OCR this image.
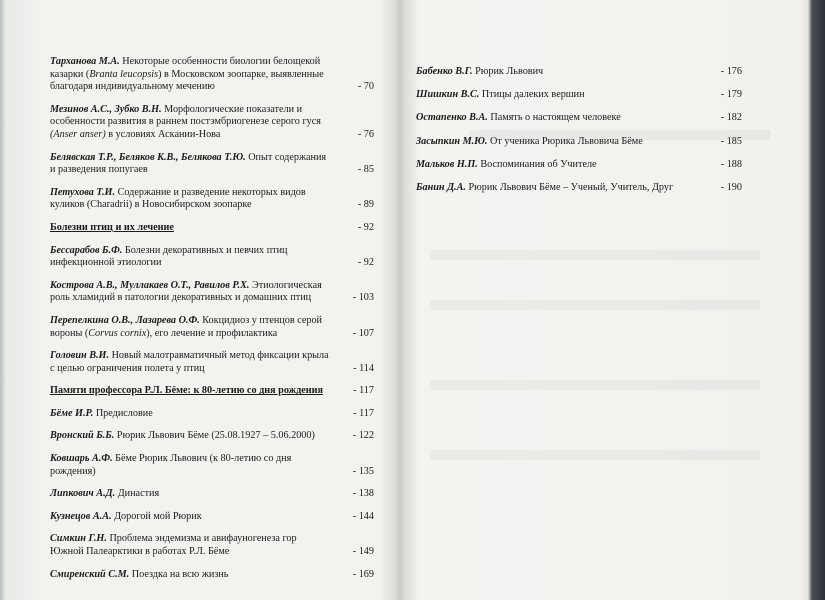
Тарханова М.А. Некоторые особенности биологии белощекой казарки (Branta leucopsis) в Московском зоопарке, выявленные благодаря индивидуальному мечению	- 70
Мезинов А.С., Зубко В.Н. Морфологические показатели и особенности развития в раннем постэмбриогенезе серого гуся (Anser anser) в условиях Аскании-Нова	- 76
Белявская Т.Р., Беляков К.В., Белякова Т.Ю. Опыт содержания и разведения попугаев	- 85
Петухова Т.И. Содержание и разведение некоторых видов куликов (Charadrii) в Новосибирском зоопарке	- 89
Болезни птиц и их лечение	- 92
Бессарабов Б.Ф. Болезни декоративных и певчих птиц инфекционной этиологии	- 92
Кострова А.В., Муллакаев О.Т., Равилов Р.Х. Этиологическая роль хламидий в патологии декоративных и домашних птиц	- 103
Перепелкина О.В., Лазарева О.Ф. Кокцидиоз у птенцов серой вороны (Corvus cornix), его лечение и профилактика	- 107
Головин В.И. Новый малотравматичный метод фиксации крыла с целью ограничения полета у птиц	- 114
Памяти профессора Р.Л. Бёме: к 80-летию со дня рождения	- 117
Бёме И.Р. Предисловие	- 117
Вронский Б.Б. Рюрик Львович Бёме (25.08.1927 – 5.06.2000)	- 122
Ковшарь А.Ф. Бёме Рюрик Львович (к 80-летию со дня рождения)	- 135
Липкович А.Д. Династия	- 138
Кузнецов А.А. Дорогой мой Рюрик	- 144
Симкин Г.Н. Проблема эндемизма и авифауногенеза гор Южной Палеарктики в работах Р.Л. Бёме	- 149
Смиренский С.М. Поездка на всю жизнь	- 169
Бабенко В.Г. Рюрик Львович	- 176
Шишкин В.С. Птицы далеких вершин	- 179
Остапенко В.А. Память о настоящем человеке	- 182
Засыпкин М.Ю. От ученика Рюрика Львовича Бёме	- 185
Мальков Н.П. Воспоминания об Учителе	- 188
Банин Д.А. Рюрик Львович Бёме – Ученый, Учитель, Друг	- 190
